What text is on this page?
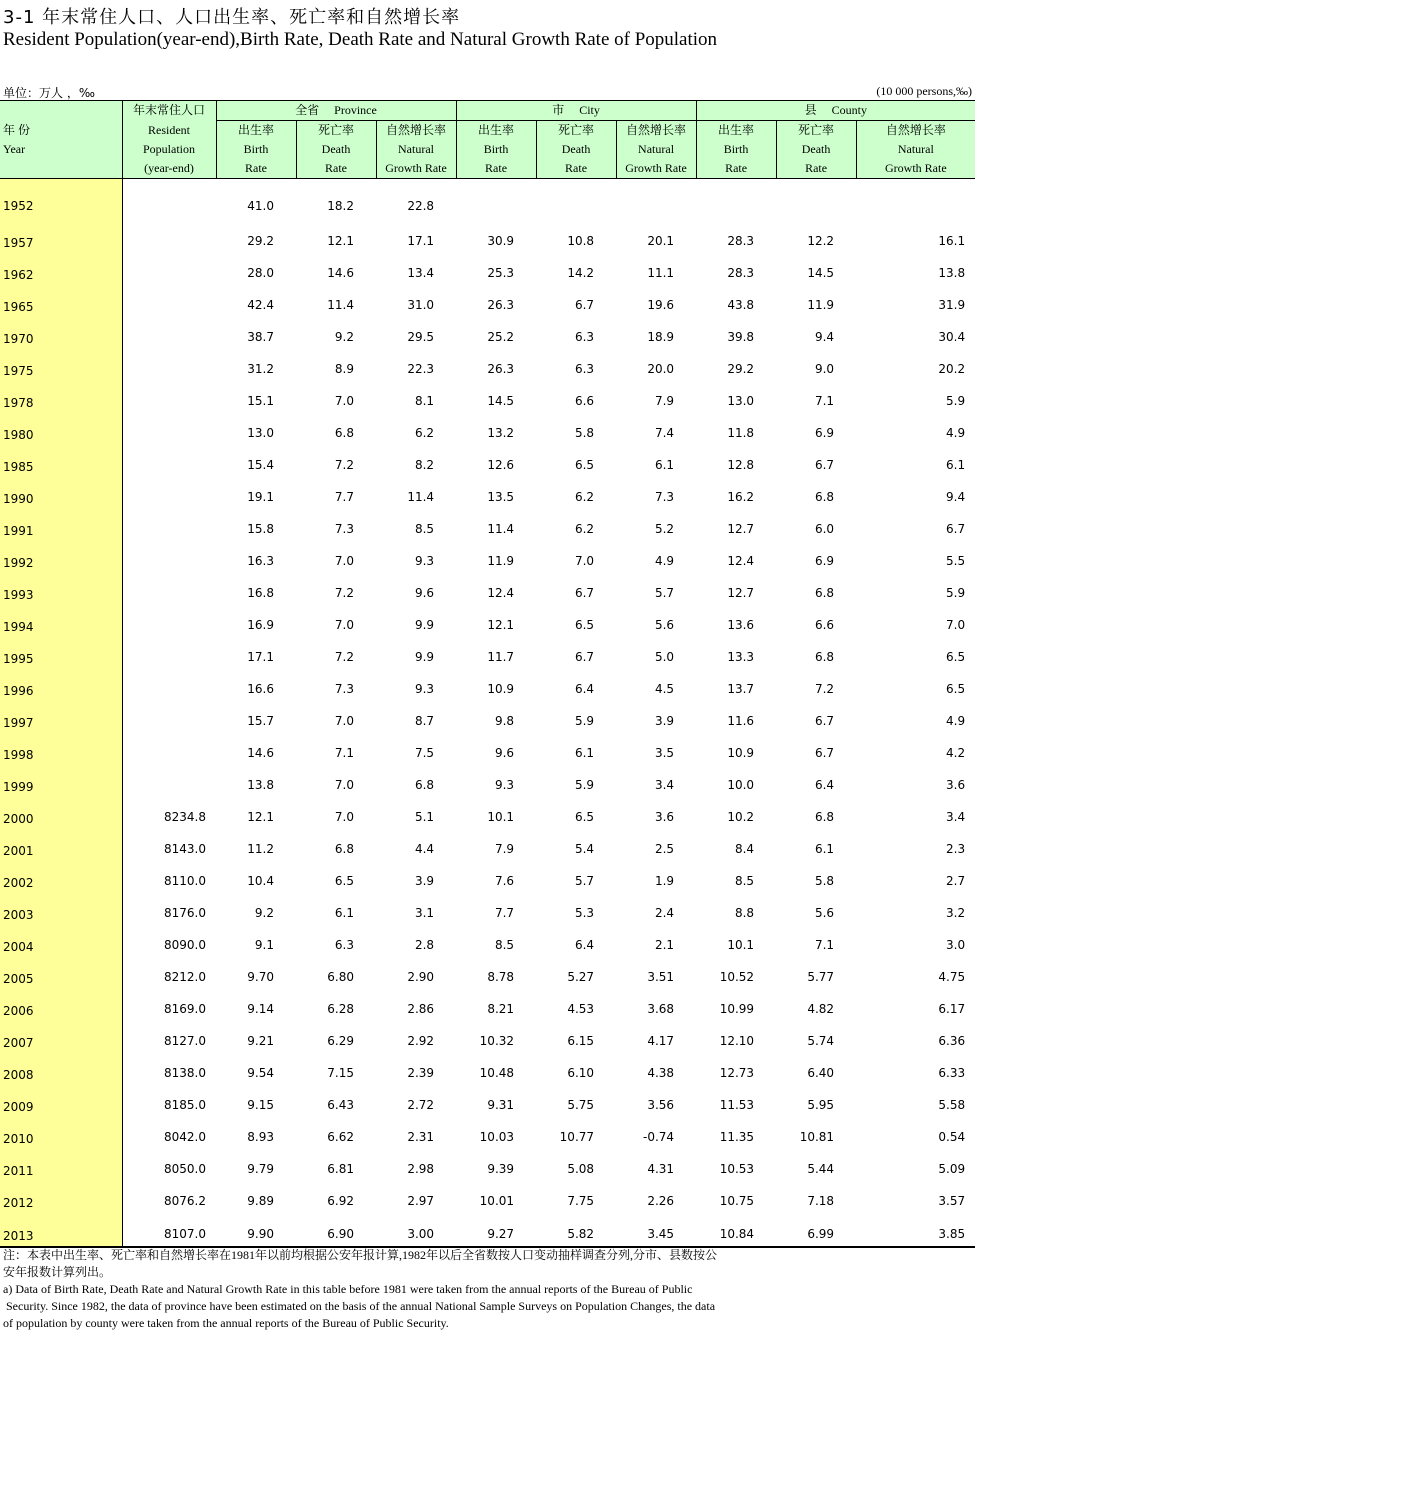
3-1 年末常住人口、人口出生率、死亡率和自然增长率
Resident Population(year-end),Birth Rate, Death Rate and Natural Growth Rate of Population
单位：万人 ，‰	(10 000 persons,‰)
	年末常住人口	全省　 Province			市　 City			县　 County		
年 份	Resident	出生率	死亡率	自然增长率	出生率	死亡率	自然增长率	出生率	死亡率	自然增长率
Year	Population	Birth	Death	Natural	Birth	Death	Natural	Birth	Death	Natural
	(year-end)	Rate	Rate	Growth Rate	Rate	Rate	Growth Rate	Rate	Rate	Growth Rate
1952		41.0	18.2	22.8						
1957		29.2	12.1	17.1	30.9	10.8	20.1	28.3	12.2	16.1
1962		28.0	14.6	13.4	25.3	14.2	11.1	28.3	14.5	13.8
1965		42.4	11.4	31.0	26.3	6.7	19.6	43.8	11.9	31.9
1970		38.7	9.2	29.5	25.2	6.3	18.9	39.8	9.4	30.4
1975		31.2	8.9	22.3	26.3	6.3	20.0	29.2	9.0	20.2
1978		15.1	7.0	8.1	14.5	6.6	7.9	13.0	7.1	5.9
1980		13.0	6.8	6.2	13.2	5.8	7.4	11.8	6.9	4.9
1985		15.4	7.2	8.2	12.6	6.5	6.1	12.8	6.7	6.1
1990		19.1	7.7	11.4	13.5	6.2	7.3	16.2	6.8	9.4
1991		15.8	7.3	8.5	11.4	6.2	5.2	12.7	6.0	6.7
1992		16.3	7.0	9.3	11.9	7.0	4.9	12.4	6.9	5.5
1993		16.8	7.2	9.6	12.4	6.7	5.7	12.7	6.8	5.9
1994		16.9	7.0	9.9	12.1	6.5	5.6	13.6	6.6	7.0
1995		17.1	7.2	9.9	11.7	6.7	5.0	13.3	6.8	6.5
1996		16.6	7.3	9.3	10.9	6.4	4.5	13.7	7.2	6.5
1997		15.7	7.0	8.7	9.8	5.9	3.9	11.6	6.7	4.9
1998		14.6	7.1	7.5	9.6	6.1	3.5	10.9	6.7	4.2
1999		13.8	7.0	6.8	9.3	5.9	3.4	10.0	6.4	3.6
2000	8234.8	12.1	7.0	5.1	10.1	6.5	3.6	10.2	6.8	3.4
2001	8143.0	11.2	6.8	4.4	7.9	5.4	2.5	8.4	6.1	2.3
2002	8110.0	10.4	6.5	3.9	7.6	5.7	1.9	8.5	5.8	2.7
2003	8176.0	9.2	6.1	3.1	7.7	5.3	2.4	8.8	5.6	3.2
2004	8090.0	9.1	6.3	2.8	8.5	6.4	2.1	10.1	7.1	3.0
2005	8212.0	9.70	6.80	2.90	8.78	5.27	3.51	10.52	5.77	4.75
2006	8169.0	9.14	6.28	2.86	8.21	4.53	3.68	10.99	4.82	6.17
2007	8127.0	9.21	6.29	2.92	10.32	6.15	4.17	12.10	5.74	6.36
2008	8138.0	9.54	7.15	2.39	10.48	6.10	4.38	12.73	6.40	6.33
2009	8185.0	9.15	6.43	2.72	9.31	5.75	3.56	11.53	5.95	5.58
2010	8042.0	8.93	6.62	2.31	10.03	10.77	-0.74	11.35	10.81	0.54
2011	8050.0	9.79	6.81	2.98	9.39	5.08	4.31	10.53	5.44	5.09
2012	8076.2	9.89	6.92	2.97	10.01	7.75	2.26	10.75	7.18	3.57
2013	8107.0	9.90	6.90	3.00	9.27	5.82	3.45	10.84	6.99	3.85
注：本表中出生率、死亡率和自然增长率在1981年以前均根据公安年报计算,1982年以后全省数按人口变动抽样调查分列,分市、县数按公
安年报数计算列出。
a) Data of Birth Rate, Death Rate and Natural Growth Rate in this table before 1981 were taken from the annual reports of the Bureau of Public
Security. Since 1982, the data of province have been estimated on the basis of the annual National Sample Surveys on Population Changes, the data
of population by county were taken from the annual reports of the Bureau of Public Security.
